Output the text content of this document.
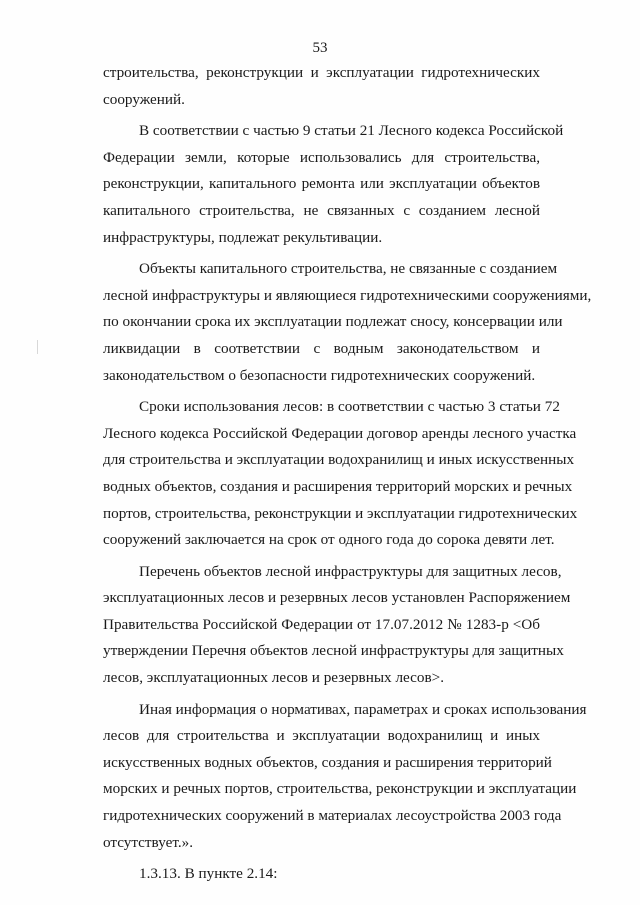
53
строительства, реконструкции и эксплуатации гидротехнических
сооружений.
В соответствии с частью 9 статьи 21 Лесного кодекса Российской
Федерации земли, которые использовались для строительства,
реконструкции, капитального ремонта или эксплуатации объектов
капитального строительства, не связанных с созданием лесной
инфраструктуры, подлежат рекультивации.
Объекты капитального строительства, не связанные с созданием
лесной инфраструктуры и являющиеся гидротехническими сооружениями,
по окончании срока их эксплуатации подлежат сносу, консервации или
ликвидации в соответствии с водным законодательством и
законодательством о безопасности гидротехнических сооружений.
Сроки использования лесов: в соответствии с частью 3 статьи 72
Лесного кодекса Российской Федерации договор аренды лесного участка
для строительства и эксплуатации водохранилищ и иных искусственных
водных объектов, создания и расширения территорий морских и речных
портов, строительства, реконструкции и эксплуатации гидротехнических
сооружений заключается на срок от одного года до сорока девяти лет.
Перечень объектов лесной инфраструктуры для защитных лесов,
эксплуатационных лесов и резервных лесов установлен Распоряжением
Правительства Российской Федерации от 17.07.2012 № 1283-р <Об
утверждении Перечня объектов лесной инфраструктуры для защитных
лесов, эксплуатационных лесов и резервных лесов>.
Иная информация о нормативах, параметрах и сроках использования
лесов для строительства и эксплуатации водохранилищ и иных
искусственных водных объектов, создания и расширения территорий
морских и речных портов, строительства, реконструкции и эксплуатации
гидротехнических сооружений в материалах лесоустройства 2003 года
отсутствует.».
1.3.13. В пункте 2.14:
